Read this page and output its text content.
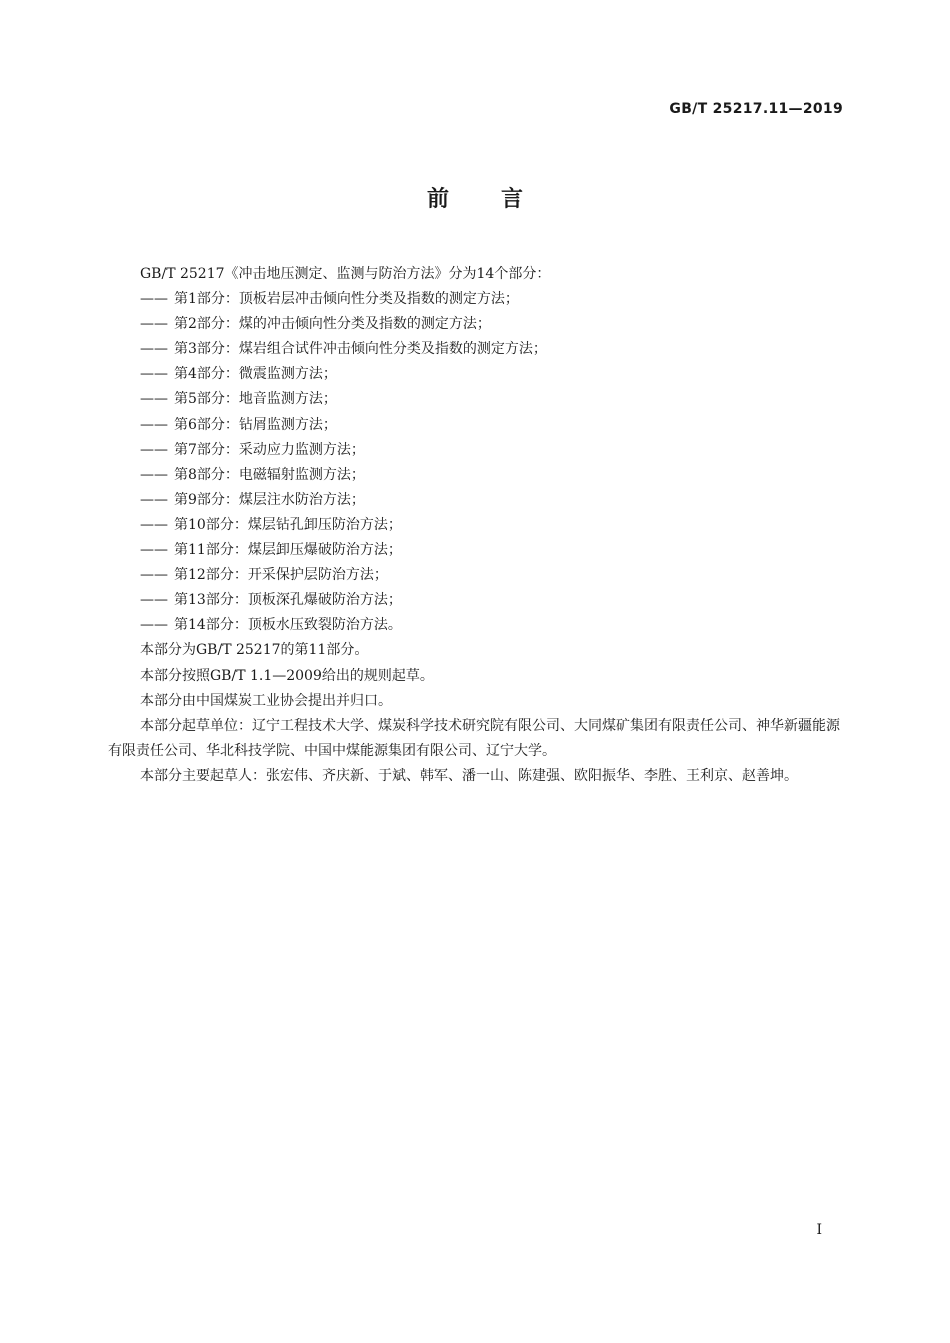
GB/T 25217.11—2019
前言

GB/T 25217《冲击地压测定、监测与防治方法》分为14个部分：

—— 第1部分：顶板岩层冲击倾向性分类及指数的测定方法；

—— 第2部分：煤的冲击倾向性分类及指数的测定方法；

—— 第3部分：煤岩组合试件冲击倾向性分类及指数的测定方法；

—— 第4部分：微震监测方法；

—— 第5部分：地音监测方法；

—— 第6部分：钻屑监测方法；

—— 第7部分：采动应力监测方法；

—— 第8部分：电磁辐射监测方法；

—— 第9部分：煤层注水防治方法；

—— 第10部分：煤层钻孔卸压防治方法；

—— 第11部分：煤层卸压爆破防治方法；

—— 第12部分：开采保护层防治方法；

—— 第13部分：顶板深孔爆破防治方法；

—— 第14部分：顶板水压致裂防治方法。

本部分为GB/T 25217的第11部分。

本部分按照GB/T 1.1—2009给出的规则起草。

本部分由中国煤炭工业协会提出并归口。

本部分起草单位：辽宁工程技术大学、煤炭科学技术研究院有限公司、大同煤矿集团有限责任公司、神华新疆能源有限责任公司、华北科技学院、中国中煤能源集团有限公司、辽宁大学。

本部分主要起草人：张宏伟、齐庆新、于斌、韩军、潘一山、陈建强、欧阳振华、李胜、王利京、赵善坤。

I
